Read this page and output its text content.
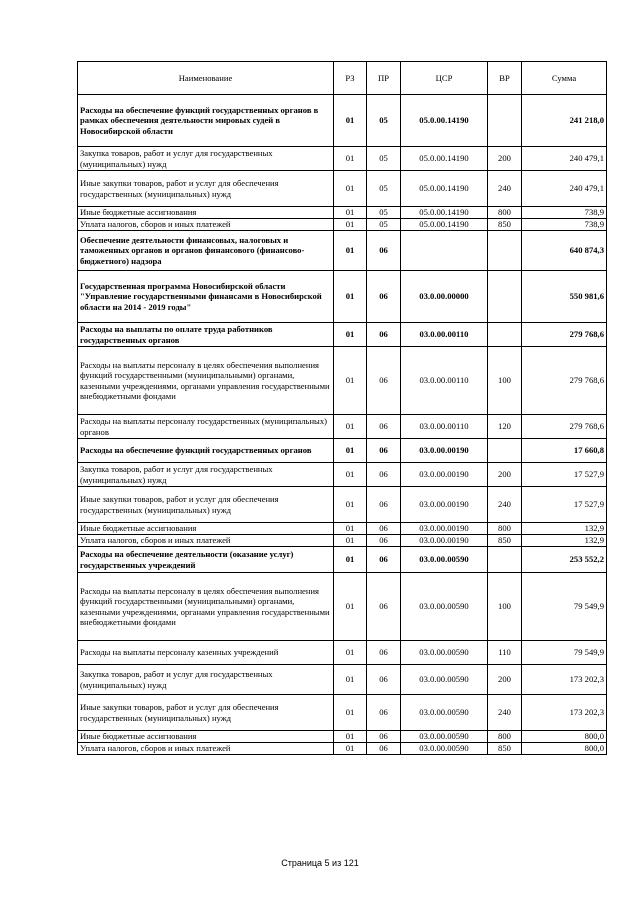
Наименование	РЗ	ПР	ЦСР	ВР	Сумма
Расходы на обеспечение функций государственных органов в рамках обеспечения деятельности мировых судей в Новосибирской области	01	05	05.0.00.14190		241 218,0
Закупка товаров, работ и услуг для государственных (муниципальных) нужд	01	05	05.0.00.14190	200	240 479,1
Иные закупки товаров, работ и услуг для обеспечения государственных (муниципальных) нужд	01	05	05.0.00.14190	240	240 479,1
Иные бюджетные ассигнования	01	05	05.0.00.14190	800	738,9
Уплата налогов, сборов и иных платежей	01	05	05.0.00.14190	850	738,9
Обеспечение деятельности финансовых, налоговых и таможенных органов и органов финансового (финансово-бюджетного) надзора	01	06			640 874,3
Государственная программа Новосибирской области "Управление государственными финансами в Новосибирской области на 2014 - 2019 годы"	01	06	03.0.00.00000		550 981,6
Расходы на выплаты по оплате труда работников государственных органов	01	06	03.0.00.00110		279 768,6
Расходы на выплаты персоналу в целях обеспечения выполнения функций государственными (муниципальными) органами, казенными учреждениями, органами управления государственными внебюджетными фондами	01	06	03.0.00.00110	100	279 768,6
Расходы на выплаты персоналу государственных (муниципальных) органов	01	06	03.0.00.00110	120	279 768,6
Расходы на обеспечение функций государственных органов	01	06	03.0.00.00190		17 660,8
Закупка товаров, работ и услуг для государственных (муниципальных) нужд	01	06	03.0.00.00190	200	17 527,9
Иные закупки товаров, работ и услуг для обеспечения государственных (муниципальных) нужд	01	06	03.0.00.00190	240	17 527,9
Иные бюджетные ассигнования	01	06	03.0.00.00190	800	132,9
Уплата налогов, сборов и иных платежей	01	06	03.0.00.00190	850	132,9
Расходы на обеспечение деятельности (оказание услуг) государственных учреждений	01	06	03.0.00.00590		253 552,2
Расходы на выплаты персоналу в целях обеспечения выполнения функций государственными (муниципальными) органами, казенными учреждениями, органами управления государственными внебюджетными фондами	01	06	03.0.00.00590	100	79 549,9
Расходы на выплаты персоналу казенных учреждений	01	06	03.0.00.00590	110	79 549,9
Закупка товаров, работ и услуг для государственных (муниципальных) нужд	01	06	03.0.00.00590	200	173 202,3
Иные закупки товаров, работ и услуг для обеспечения государственных (муниципальных) нужд	01	06	03.0.00.00590	240	173 202,3
Иные бюджетные ассигнования	01	06	03.0.00.00590	800	800,0
Уплата налогов, сборов и иных платежей	01	06	03.0.00.00590	850	800,0
Страница 5 из 121
